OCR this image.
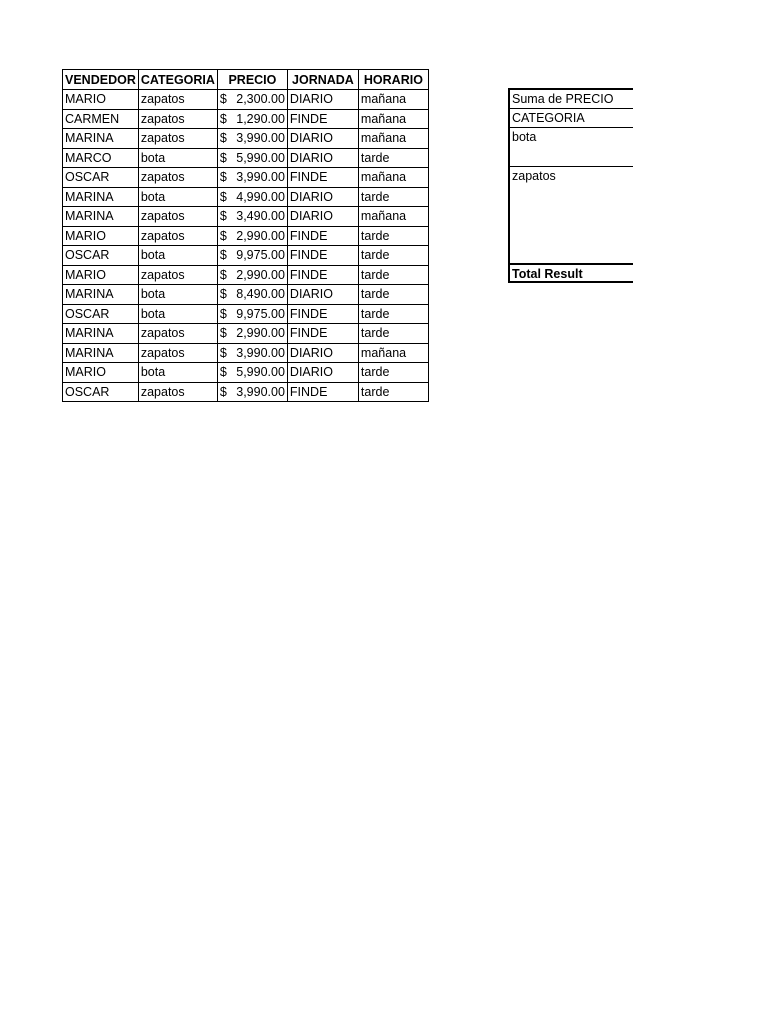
VENDEDOR	CATEGORIA	PRECIO	JORNADA	HORARIO
MARIO	zapatos	$ 2,300.00	DIARIO	mañana
CARMEN	zapatos	$ 1,290.00	FINDE	mañana
MARINA	zapatos	$ 3,990.00	DIARIO	mañana
MARCO	bota	$ 5,990.00	DIARIO	tarde
OSCAR	zapatos	$ 3,990.00	FINDE	mañana
MARINA	bota	$ 4,990.00	DIARIO	tarde
MARINA	zapatos	$ 3,490.00	DIARIO	mañana
MARIO	zapatos	$ 2,990.00	FINDE	tarde
OSCAR	bota	$ 9,975.00	FINDE	tarde
MARIO	zapatos	$ 2,990.00	FINDE	tarde
MARINA	bota	$ 8,490.00	DIARIO	tarde
OSCAR	bota	$ 9,975.00	FINDE	tarde
MARINA	zapatos	$ 2,990.00	FINDE	tarde
MARINA	zapatos	$ 3,990.00	DIARIO	mañana
MARIO	bota	$ 5,990.00	DIARIO	tarde
OSCAR	zapatos	$ 3,990.00	FINDE	tarde
Suma de PRECIO
CATEGORIA
bota
zapatos
Total Result
